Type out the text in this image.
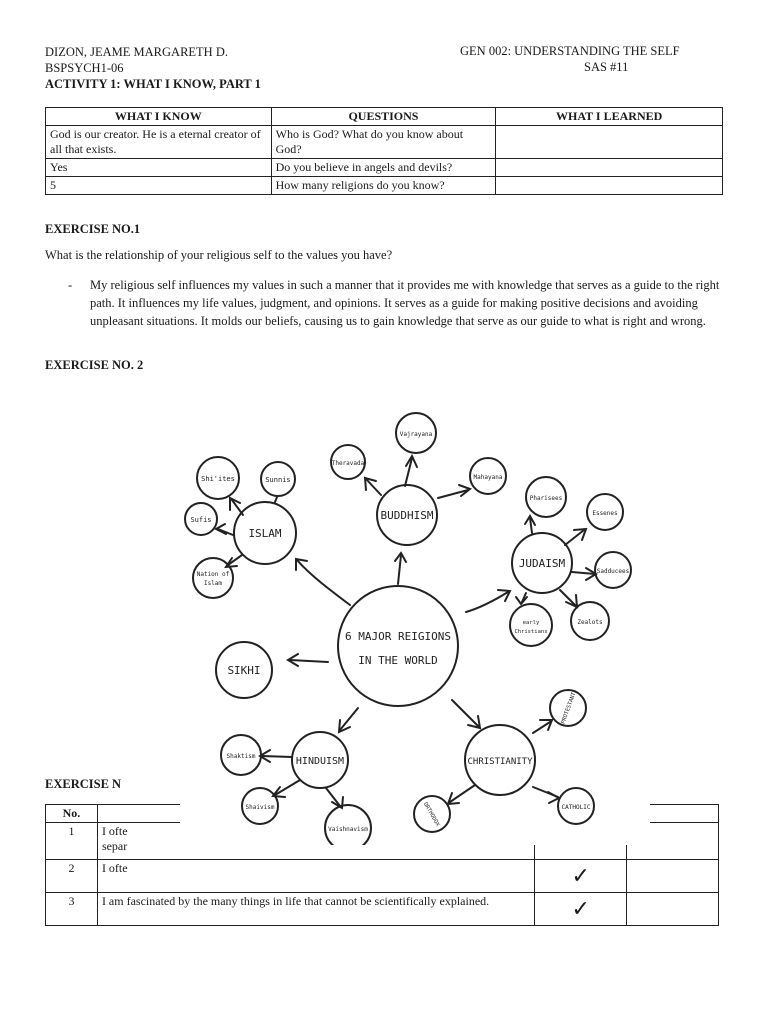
DIZON, JEAME MARGARETH D.
BSPSYCH1-06
ACTIVITY 1: WHAT I KNOW, PART 1
GEN 002: UNDERSTANDING THE SELF
SAS #11
WHAT I KNOW	QUESTIONS	WHAT I LEARNED
God is our creator. He is a eternal creator of all that exists.	Who is God? What do you know about God?	
Yes	Do you believe in angels and devils?	
5	How many religions do you know?	
EXERCISE NO.1
What is the relationship of your religious self to the values you have?
-	My religious self influences my values in such a manner that it provides me with knowledge that serves as a guide to the right path. It influences my life values, judgment, and opinions. It serves as a guide for making positive decisions and avoiding unpleasant situations. It molds our beliefs, causing us to gain knowledge that serve as our guide to what is right and wrong.

EXERCISE NO. 2
EXERCISE N
No.			
1	I ofte
separ		

2	I ofte	✓	
3	I am fascinated by the many things in life that cannot be scientifically explained.	✓	
6 MAJOR REIGIONS
IN THE WORLD
BUDDHISM
ISLAM
JUDAISM
SIKHI
HINDUISM	CHRISTIANITY
Vajrayana
Theravada
Mahayana
Shi'ites	Sunnis
Sufis
Nation of
Islam
Pharisees
Essenes
Sadducees
Zealots
early
Christians
Shaktism
Shaivism
Vaishnavism
PROTESTANT
ORTHODOX	CATHOLIC
